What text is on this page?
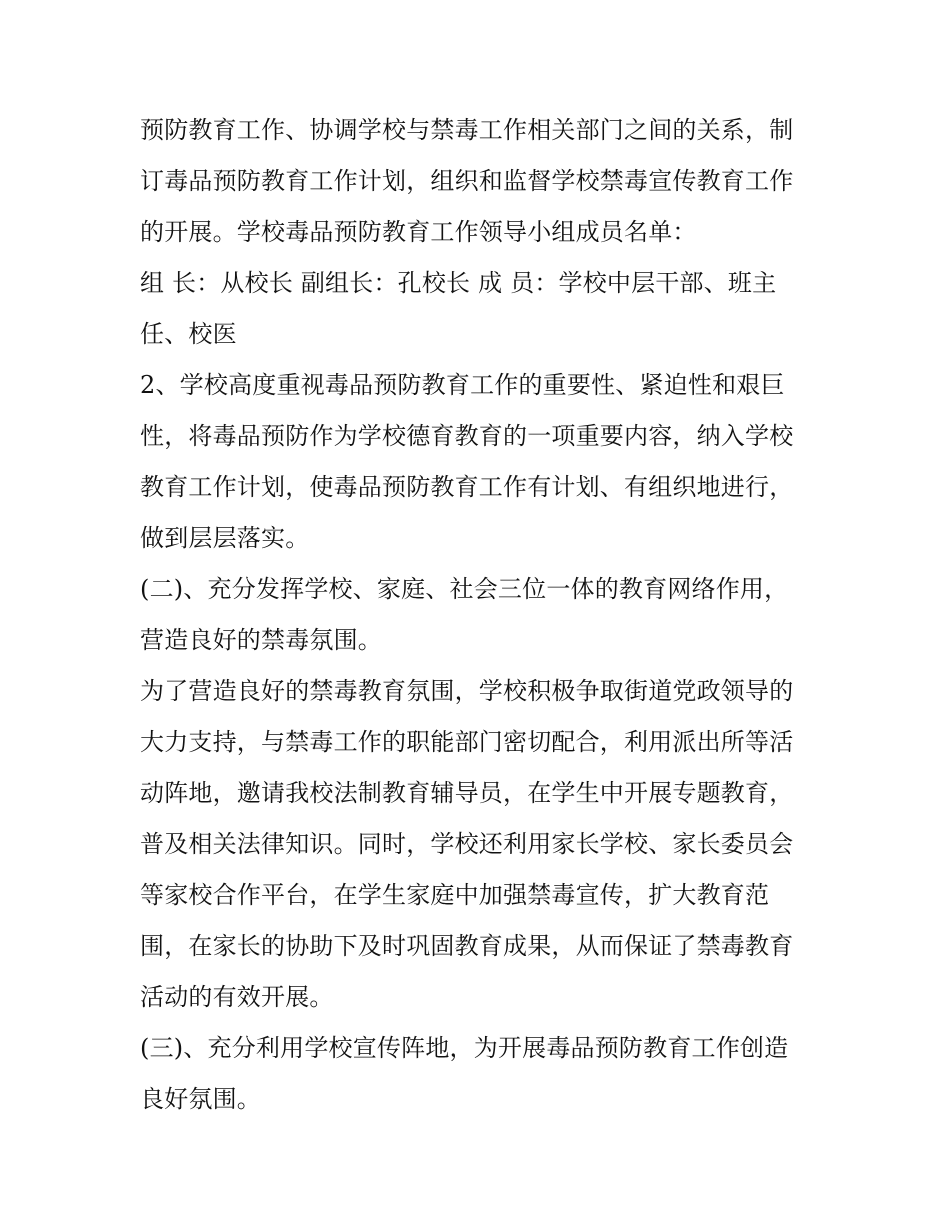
预防教育工作、协调学校与禁毒工作相关部门之间的关系，制
订毒品预防教育工作计划，组织和监督学校禁毒宣传教育工作
的开展。学校毒品预防教育工作领导小组成员名单：
组 长：从校长 副组长：孔校长 成 员：学校中层干部、班主
任、校医
2、学校高度重视毒品预防教育工作的重要性、紧迫性和艰巨
性，将毒品预防作为学校德育教育的一项重要内容，纳入学校
教育工作计划，使毒品预防教育工作有计划、有组织地进行，
做到层层落实。
(二)、充分发挥学校、家庭、社会三位一体的教育网络作用，
营造良好的禁毒氛围。
为了营造良好的禁毒教育氛围，学校积极争取街道党政领导的
大力支持，与禁毒工作的职能部门密切配合，利用派出所等活
动阵地，邀请我校法制教育辅导员，在学生中开展专题教育，
普及相关法律知识。同时，学校还利用家长学校、家长委员会
等家校合作平台，在学生家庭中加强禁毒宣传，扩大教育范
围，在家长的协助下及时巩固教育成果，从而保证了禁毒教育
活动的有效开展。
(三)、充分利用学校宣传阵地，为开展毒品预防教育工作创造
良好氛围。
